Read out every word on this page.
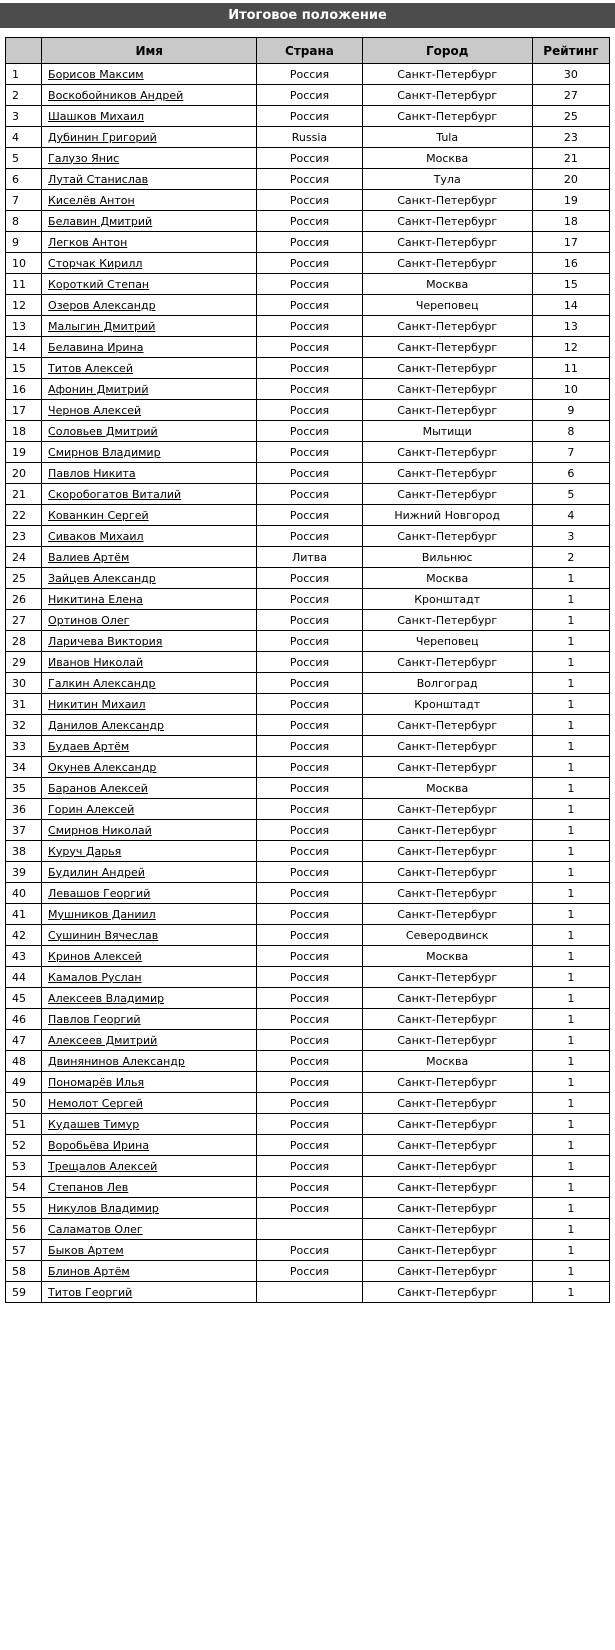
Итоговое положение
	Имя	Страна	Город	Рейтинг
1	Борисов Максим	Россия	Санкт-Петербург	30
2	Воскобойников Андрей	Россия	Санкт-Петербург	27
3	Шашков Михаил	Россия	Санкт-Петербург	25
4	Дубинин Григорий	Russia	Tula	23
5	Галузо Янис	Россия	Москва	21
6	Лутай Станислав	Россия	Тула	20
7	Киселёв Антон	Россия	Санкт-Петербург	19
8	Белавин Дмитрий	Россия	Санкт-Петербург	18
9	Легков Антон	Россия	Санкт-Петербург	17
10	Сторчак Кирилл	Россия	Санкт-Петербург	16
11	Короткий Степан	Россия	Москва	15
12	Озеров Александр	Россия	Череповец	14
13	Малыгин Дмитрий	Россия	Санкт-Петербург	13
14	Белавина Ирина	Россия	Санкт-Петербург	12
15	Титов Алексей	Россия	Санкт-Петербург	11
16	Афонин Дмитрий	Россия	Санкт-Петербург	10
17	Чернов Алексей	Россия	Санкт-Петербург	9
18	Соловьев Дмитрий	Россия	Мытищи	8
19	Смирнов Владимир	Россия	Санкт-Петербург	7
20	Павлов Никита	Россия	Санкт-Петербург	6
21	Скоробогатов Виталий	Россия	Санкт-Петербург	5
22	Кованкин Сергей	Россия	Нижний Новгород	4
23	Сиваков Михаил	Россия	Санкт-Петербург	3
24	Валиев Артём	Литва	Вильнюс	2
25	Зайцев Александр	Россия	Москва	1
26	Никитина Елена	Россия	Кронштадт	1
27	Ортинов Олег	Россия	Санкт-Петербург	1
28	Ларичева Виктория	Россия	Череповец	1
29	Иванов Николай	Россия	Санкт-Петербург	1
30	Галкин Александр	Россия	Волгоград	1
31	Никитин Михаил	Россия	Кронштадт	1
32	Данилов Александр	Россия	Санкт-Петербург	1
33	Будаев Артём	Россия	Санкт-Петербург	1
34	Окунев Александр	Россия	Санкт-Петербург	1
35	Баранов Алексей	Россия	Москва	1
36	Горин Алексей	Россия	Санкт-Петербург	1
37	Смирнов Николай	Россия	Санкт-Петербург	1
38	Куруч Дарья	Россия	Санкт-Петербург	1
39	Будилин Андрей	Россия	Санкт-Петербург	1
40	Левашов Георгий	Россия	Санкт-Петербург	1
41	Мушников Даниил	Россия	Санкт-Петербург	1
42	Сушинин Вячеслав	Россия	Северодвинск	1
43	Кринов Алексей	Россия	Москва	1
44	Камалов Руслан	Россия	Санкт-Петербург	1
45	Алексеев Владимир	Россия	Санкт-Петербург	1
46	Павлов Георгий	Россия	Санкт-Петербург	1
47	Алексеев Дмитрий	Россия	Санкт-Петербург	1
48	Двинянинов Александр	Россия	Москва	1
49	Пономарёв Илья	Россия	Санкт-Петербург	1
50	Немолот Сергей	Россия	Санкт-Петербург	1
51	Кудашев Тимур	Россия	Санкт-Петербург	1
52	Воробьёва Ирина	Россия	Санкт-Петербург	1
53	Трещалов Алексей	Россия	Санкт-Петербург	1
54	Степанов Лев	Россия	Санкт-Петербург	1
55	Никулов Владимир	Россия	Санкт-Петербург	1
56	Саламатов Олег		Санкт-Петербург	1
57	Быков Артем	Россия	Санкт-Петербург	1
58	Блинов Артём	Россия	Санкт-Петербург	1
59	Титов Георгий		Санкт-Петербург	1
